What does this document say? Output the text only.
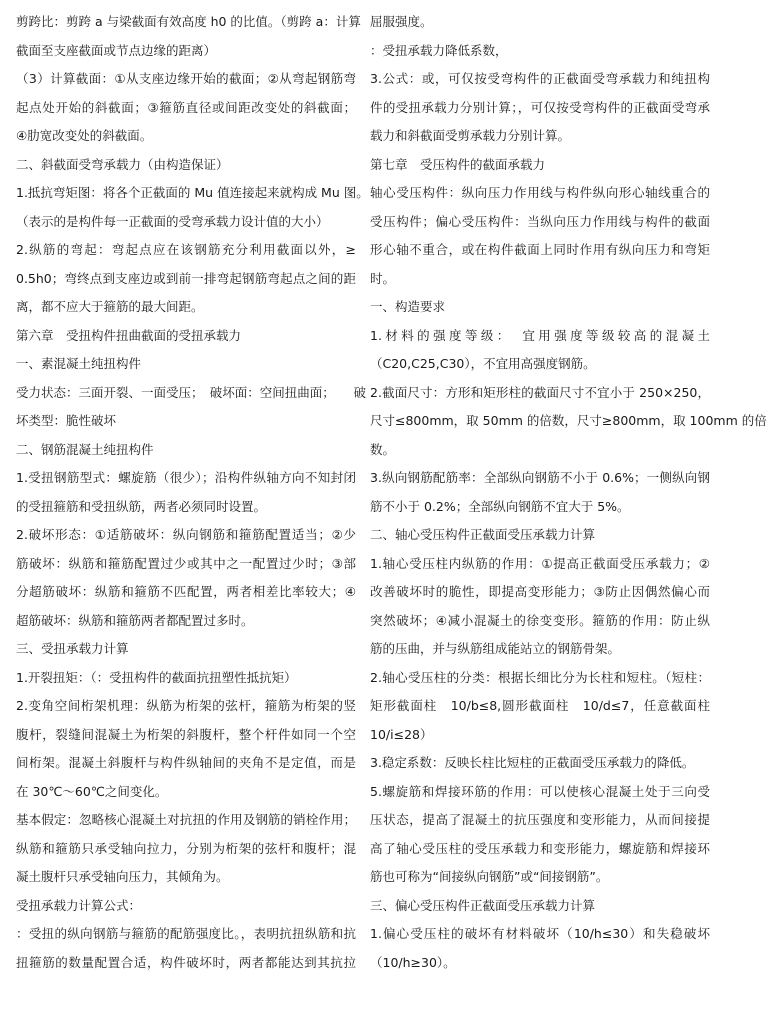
剪跨比：剪跨 a 与梁截面有效高度 h0 的比值。（剪跨 a：计算
截面至支座截面或节点边缘的距离）
（3）计算截面：①从支座边缘开始的截面；②从弯起钢筋弯
起点处开始的斜截面；③箍筋直径或间距改变处的斜截面；
④肋宽改变处的斜截面。
二、斜截面受弯承载力（由构造保证）
1.抵抗弯矩图：将各个正截面的 Mu 值连接起来就构成 Mu 图。
（表示的是构件每一正截面的受弯承载力设计值的大小）
2.纵筋的弯起：弯起点应在该钢筋充分利用截面以外，≥
0.5h0；弯终点到支座边或到前一排弯起钢筋弯起点之间的距
离，都不应大于箍筋的最大间距。
第六章　受扭构件扭曲截面的受扭承载力
一、素混凝土纯扭构件
受力状态：三面开裂、一面受压；　破坏面：空间扭曲面；　　破
坏类型：脆性破坏
二、钢筋混凝土纯扭构件
1.受扭钢筋型式：螺旋筋（很少）；沿构件纵轴方向不知封闭
的受扭箍筋和受扭纵筋，两者必须同时设置。
2.破坏形态：①适筋破坏：纵向钢筋和箍筋配置适当；②少
筋破坏：纵筋和箍筋配置过少或其中之一配置过少时；③部
分超筋破坏：纵筋和箍筋不匹配置，两者相差比率较大；④
超筋破坏：纵筋和箍筋两者都配置过多时。
三、受扭承载力计算
1.开裂扭矩：（：受扭构件的截面抗扭塑性抵抗矩）
2.变角空间桁架机理：纵筋为桁架的弦杆，箍筋为桁架的竖
腹杆，裂缝间混凝土为桁架的斜腹杆，整个杆件如同一个空
间桁架。混凝土斜腹杆与构件纵轴间的夹角不是定值，而是
在 30℃～60℃之间变化。
基本假定：忽略核心混凝土对抗扭的作用及钢筋的销栓作用；
纵筋和箍筋只承受轴向拉力，分别为桁架的弦杆和腹杆；混
凝土腹杆只承受轴向压力，其倾角为。
受扭承载力计算公式：
：受扭的纵向钢筋与箍筋的配筋强度比。，表明抗扭纵筋和抗
扭箍筋的数量配置合适，构件破坏时，两者都能达到其抗拉
屈服强度。
：受扭承载力降低系数，
3.公式：或，可仅按受弯构件的正截面受弯承载力和纯扭构
件的受扭承载力分别计算；，可仅按受弯构件的正截面受弯承
载力和斜截面受剪承载力分别计算。
第七章　受压构件的截面承载力
轴心受压构件：纵向压力作用线与构件纵向形心轴线重合的
受压构件；偏心受压构件：当纵向压力作用线与构件的截面
形心轴不重合，或在构件截面上同时作用有纵向压力和弯矩
时。
一、构造要求
1.材料的强度等级：　宜用强度等级较高的混凝土
（C20,C25,C30），不宜用高强度钢筋。
2.截面尺寸：方形和矩形柱的截面尺寸不宜小于 250×250，
尺寸≤800mm，取 50mm 的倍数，尺寸≥800mm，取 100mm 的倍
数。
3.纵向钢筋配筋率：全部纵向钢筋不小于 0.6%；一侧纵向钢
筋不小于 0.2%；全部纵向钢筋不宜大于 5%。
二、轴心受压构件正截面受压承载力计算
1.轴心受压柱内纵筋的作用：①提高正截面受压承载力；②
改善破坏时的脆性，即提高变形能力；③防止因偶然偏心而
突然破坏；④减小混凝土的徐变变形。箍筋的作用：防止纵
筋的压曲，并与纵筋组成能站立的钢筋骨架。
2.轴心受压柱的分类：根据长细比分为长柱和短柱。（短柱：
矩形截面柱　10/b≤8,圆形截面柱　10/d≤7，任意截面柱
10/i≤28）
3.稳定系数：反映长柱比短柱的正截面受压承载力的降低。
5.螺旋筋和焊接环筋的作用：可以使核心混凝土处于三向受
压状态，提高了混凝土的抗压强度和变形能力，从而间接提
高了轴心受压柱的受压承载力和变形能力，螺旋筋和焊接环
筋也可称为“间接纵向钢筋”或“间接钢筋”。
三、偏心受压构件正截面受压承载力计算
1.偏心受压柱的破坏有材料破坏（10/h≤30）和失稳破坏
（10/h≥30）。
